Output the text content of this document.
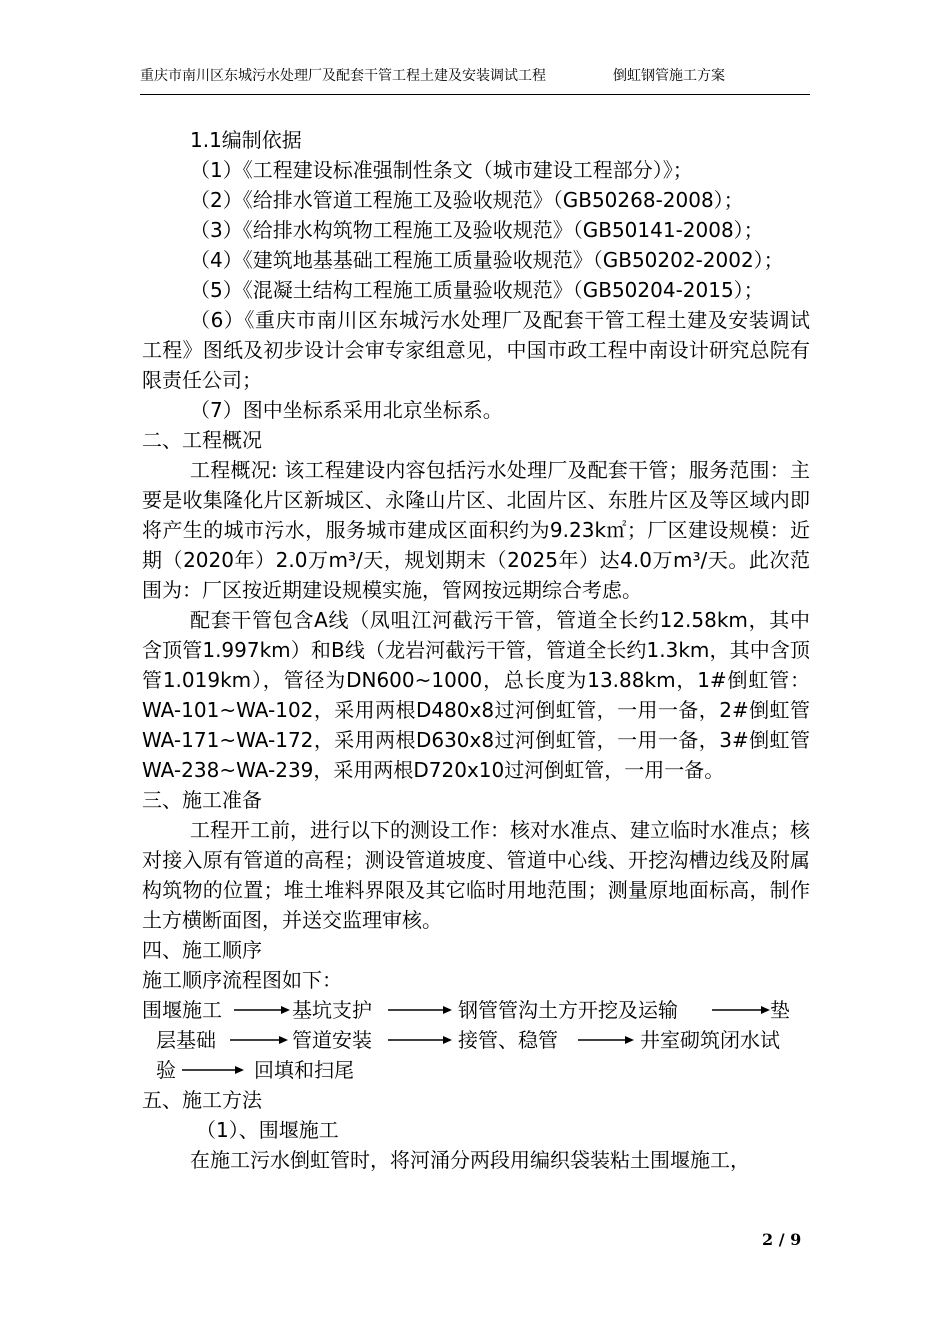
重庆市南川区东城污水处理厂及配套干管工程土建及安装调试工程	倒虹钢管施工方案
1.1编制依据
（1）《工程建设标准强制性条文（城市建设工程部分）》；
（2）《给排水管道工程施工及验收规范》（GB50268-2008）；
（3）《给排水构筑物工程施工及验收规范》（GB50141-2008）；
（4）《建筑地基基础工程施工质量验收规范》（GB50202-2002）；
（5）《混凝土结构工程施工质量验收规范》（GB50204-2015）；
（6）《重庆市南川区东城污水处理厂及配套干管工程土建及安装调试工程》图纸及初步设计会审专家组意见，中国市政工程中南设计研究总院有限责任公司；
（7）图中坐标系采用北京坐标系。
二、工程概况
工程概况: 该工程建设内容包括污水处理厂及配套干管；服务范围：主要是收集隆化片区新城区、永隆山片区、北固片区、东胜片区及等区域内即将产生的城市污水，服务城市建成区面积约为9.23k㎡；厂区建设规模：近期（2020年）2.0万m³/天，规划期末（2025年）达4.0万m³/天。此次范围为：厂区按近期建设规模实施，管网按远期综合考虑。
配套干管包含A线（凤咀江河截污干管，管道全长约12.58km，其中含顶管1.997km）和B线（龙岩河截污干管，管道全长约1.3km，其中含顶管1.019km），管径为DN600~1000，总长度为13.88km，1#倒虹管：WA-101~WA-102，采用两根D480x8过河倒虹管，一用一备，2#倒虹管WA-171~WA-172，采用两根D630x8过河倒虹管，一用一备，3#倒虹管WA-238~WA-239，采用两根D720x10过河倒虹管，一用一备。
三、施工准备
工程开工前，进行以下的测设工作：核对水准点、建立临时水准点；核对接入原有管道的高程；测设管道坡度、管道中心线、开挖沟槽边线及附属构筑物的位置；堆土堆料界限及其它临时用地范围；测量原地面标高，制作土方横断面图，并送交监理审核。
四、施工顺序
施工顺序流程图如下：
围堰施工	基坑支护	钢管管沟土方开挖及运输	垫
层基础	管道安装	接管、稳管	井室砌筑闭水试
验	回填和扫尾
五、施工方法
（1）、围堰施工
在施工污水倒虹管时，将河涌分两段用编织袋装粘土围堰施工，
2 / 9
